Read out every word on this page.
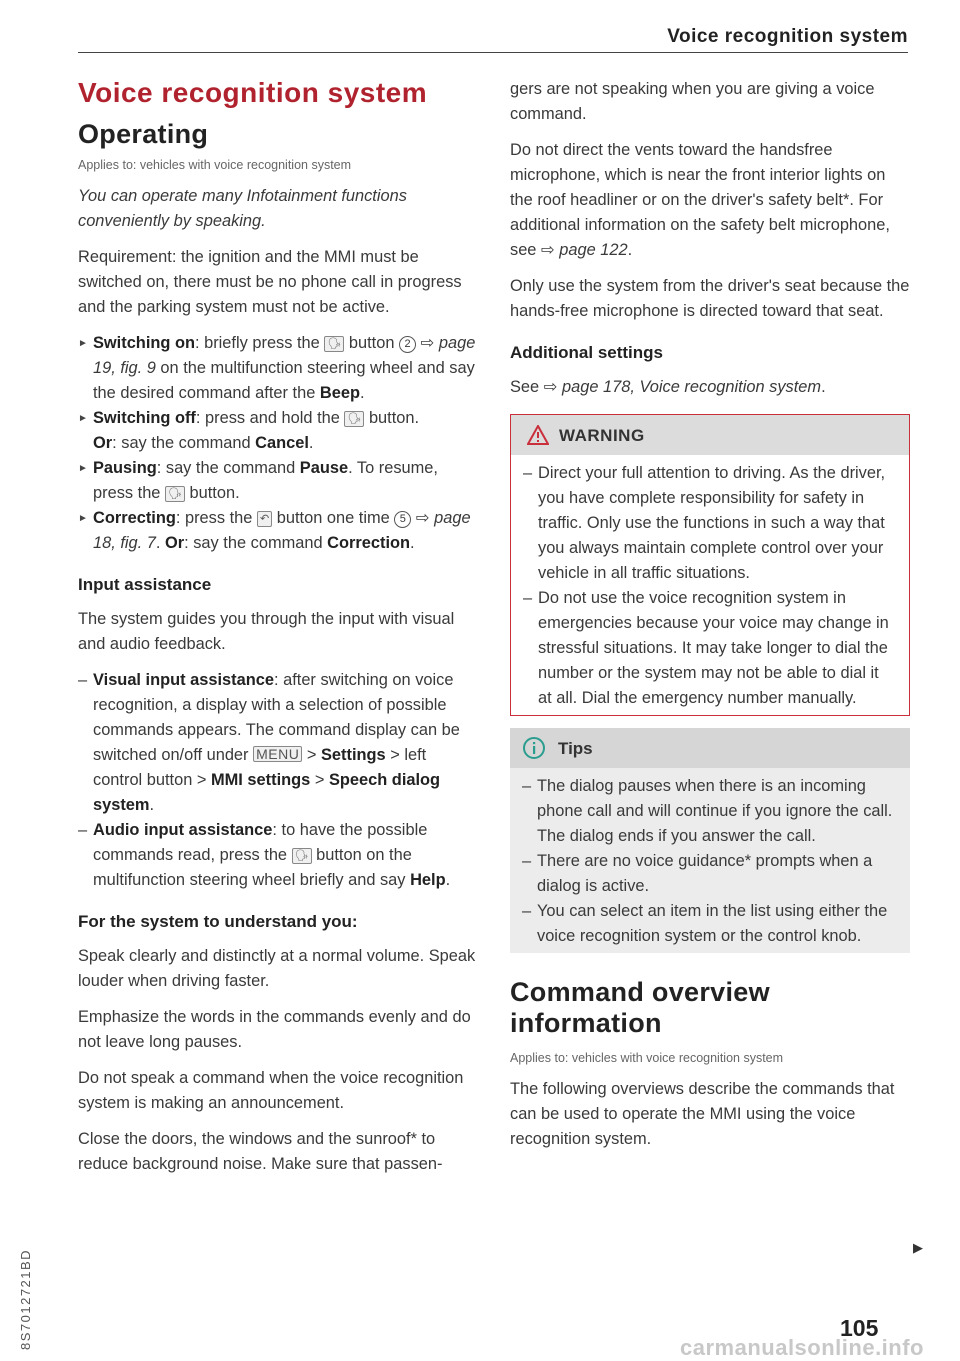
Voice recognition system
Voice recognition system
Operating
Applies to: vehicles with voice recognition system

You can operate many Infotainment functions conveniently by speaking.

Requirement: the ignition and the MMI must be switched on, there must be no phone call in progress and the parking system must not be active.

► Switching on: briefly press the 🗣 button 2 ⇨ page 19, fig. 9 on the multifunction steering wheel and say the desired command after the Beep.

► Switching off: press and hold the 🗣 button.
Or: say the command Cancel.

► Pausing: say the command Pause. To resume, press the 🗣 button.

► Correcting: press the ↶ button one time 5 ⇨ page 18, fig. 7. Or: say the command Correction.

Input assistance

The system guides you through the input with visual and audio feedback.

– Visual input assistance: after switching on voice recognition, a display with a selection of possible commands appears. The command display can be switched on/off under MENU > Settings > left control button > MMI settings > Speech dialog system.

– Audio input assistance: to have the possible commands read, press the 🗣 button on the multifunction steering wheel briefly and say Help.

For the system to understand you:

Speak clearly and distinctly at a normal volume. Speak louder when driving faster.

Emphasize the words in the commands evenly and do not leave long pauses.

Do not speak a command when the voice recognition system is making an announcement.

Close the doors, the windows and the sunroof* to reduce background noise. Make sure that passen-

gers are not speaking when you are giving a voice command.

Do not direct the vents toward the handsfree microphone, which is near the front interior lights on the roof headliner or on the driver's safety belt*. For additional information on the safety belt microphone, see ⇨ page 122.

Only use the system from the driver's seat because the hands-free microphone is directed toward that seat.

Additional settings

See ⇨ page 178, Voice recognition system.

WARNING

– Direct your full attention to driving. As the driver, you have complete responsibility for safety in traffic. Only use the functions in such a way that you always maintain complete control over your vehicle in all traffic situations.

– Do not use the voice recognition system in emergencies because your voice may change in stressful situations. It may take longer to dial the number or the system may not be able to dial it at all. Dial the emergency number manually.

Tips

– The dialog pauses when there is an incoming phone call and will continue if you ignore the call. The dialog ends if you answer the call.

– There are no voice guidance* prompts when a dialog is active.

– You can select an item in the list using either the voice recognition system or the control knob.

Command overview information
Applies to: vehicles with voice recognition system

The following overviews describe the commands that can be used to operate the MMI using the voice recognition system.

▶
8S7012721BD	105
carmanualsonline.info
